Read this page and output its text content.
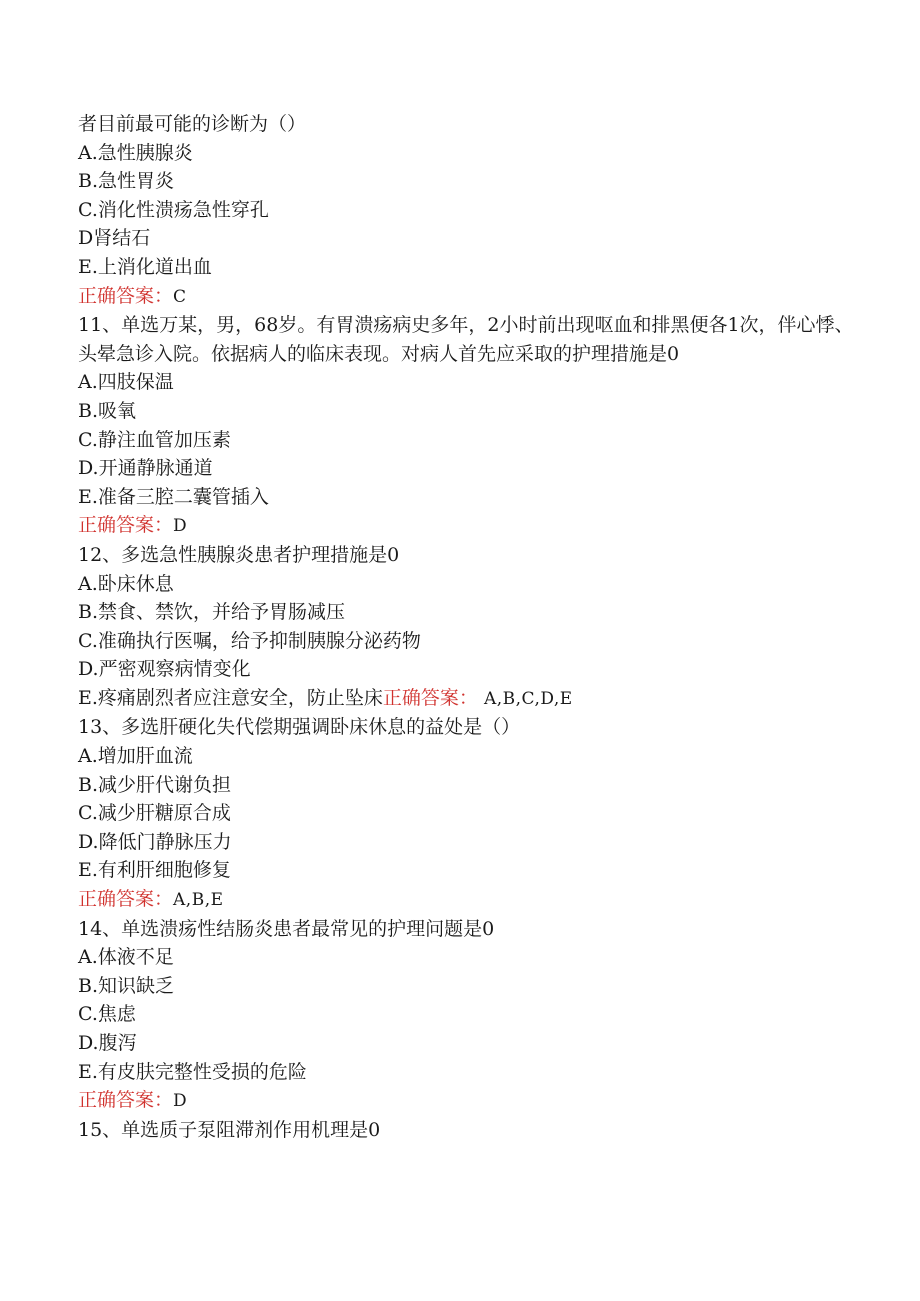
者目前最可能的诊断为（）

A.急性胰腺炎

B.急性胃炎

C.消化性溃疡急性穿孔

D肾结石

E.上消化道出血

正确答案：C

11、单选万某，男，68岁。有胃溃疡病史多年，2小时前出现呕血和排黑便各1次，伴心悸、头晕急诊入院。依据病人的临床表现。对病人首先应采取的护理措施是0

A.四肢保温

B.吸氧

C.静注血管加压素

D.开通静脉通道

E.准备三腔二囊管插入

正确答案：D

12、多选急性胰腺炎患者护理措施是0

A.卧床休息

B.禁食、禁饮，并给予胃肠减压

C.准确执行医嘱，给予抑制胰腺分泌药物

D.严密观察病情变化

E.疼痛剧烈者应注意安全，防止坠床正确答案： A,B,C,D,E

13、多选肝硬化失代偿期强调卧床休息的益处是（）

A.增加肝血流

B.减少肝代谢负担

C.减少肝糖原合成

D.降低门静脉压力

E.有利肝细胞修复

正确答案：A,B,E

14、单选溃疡性结肠炎患者最常见的护理问题是0

A.体液不足

B.知识缺乏

C.焦虑

D.腹泻

E.有皮肤完整性受损的危险

正确答案：D

15、单选质子泵阻滞剂作用机理是0
